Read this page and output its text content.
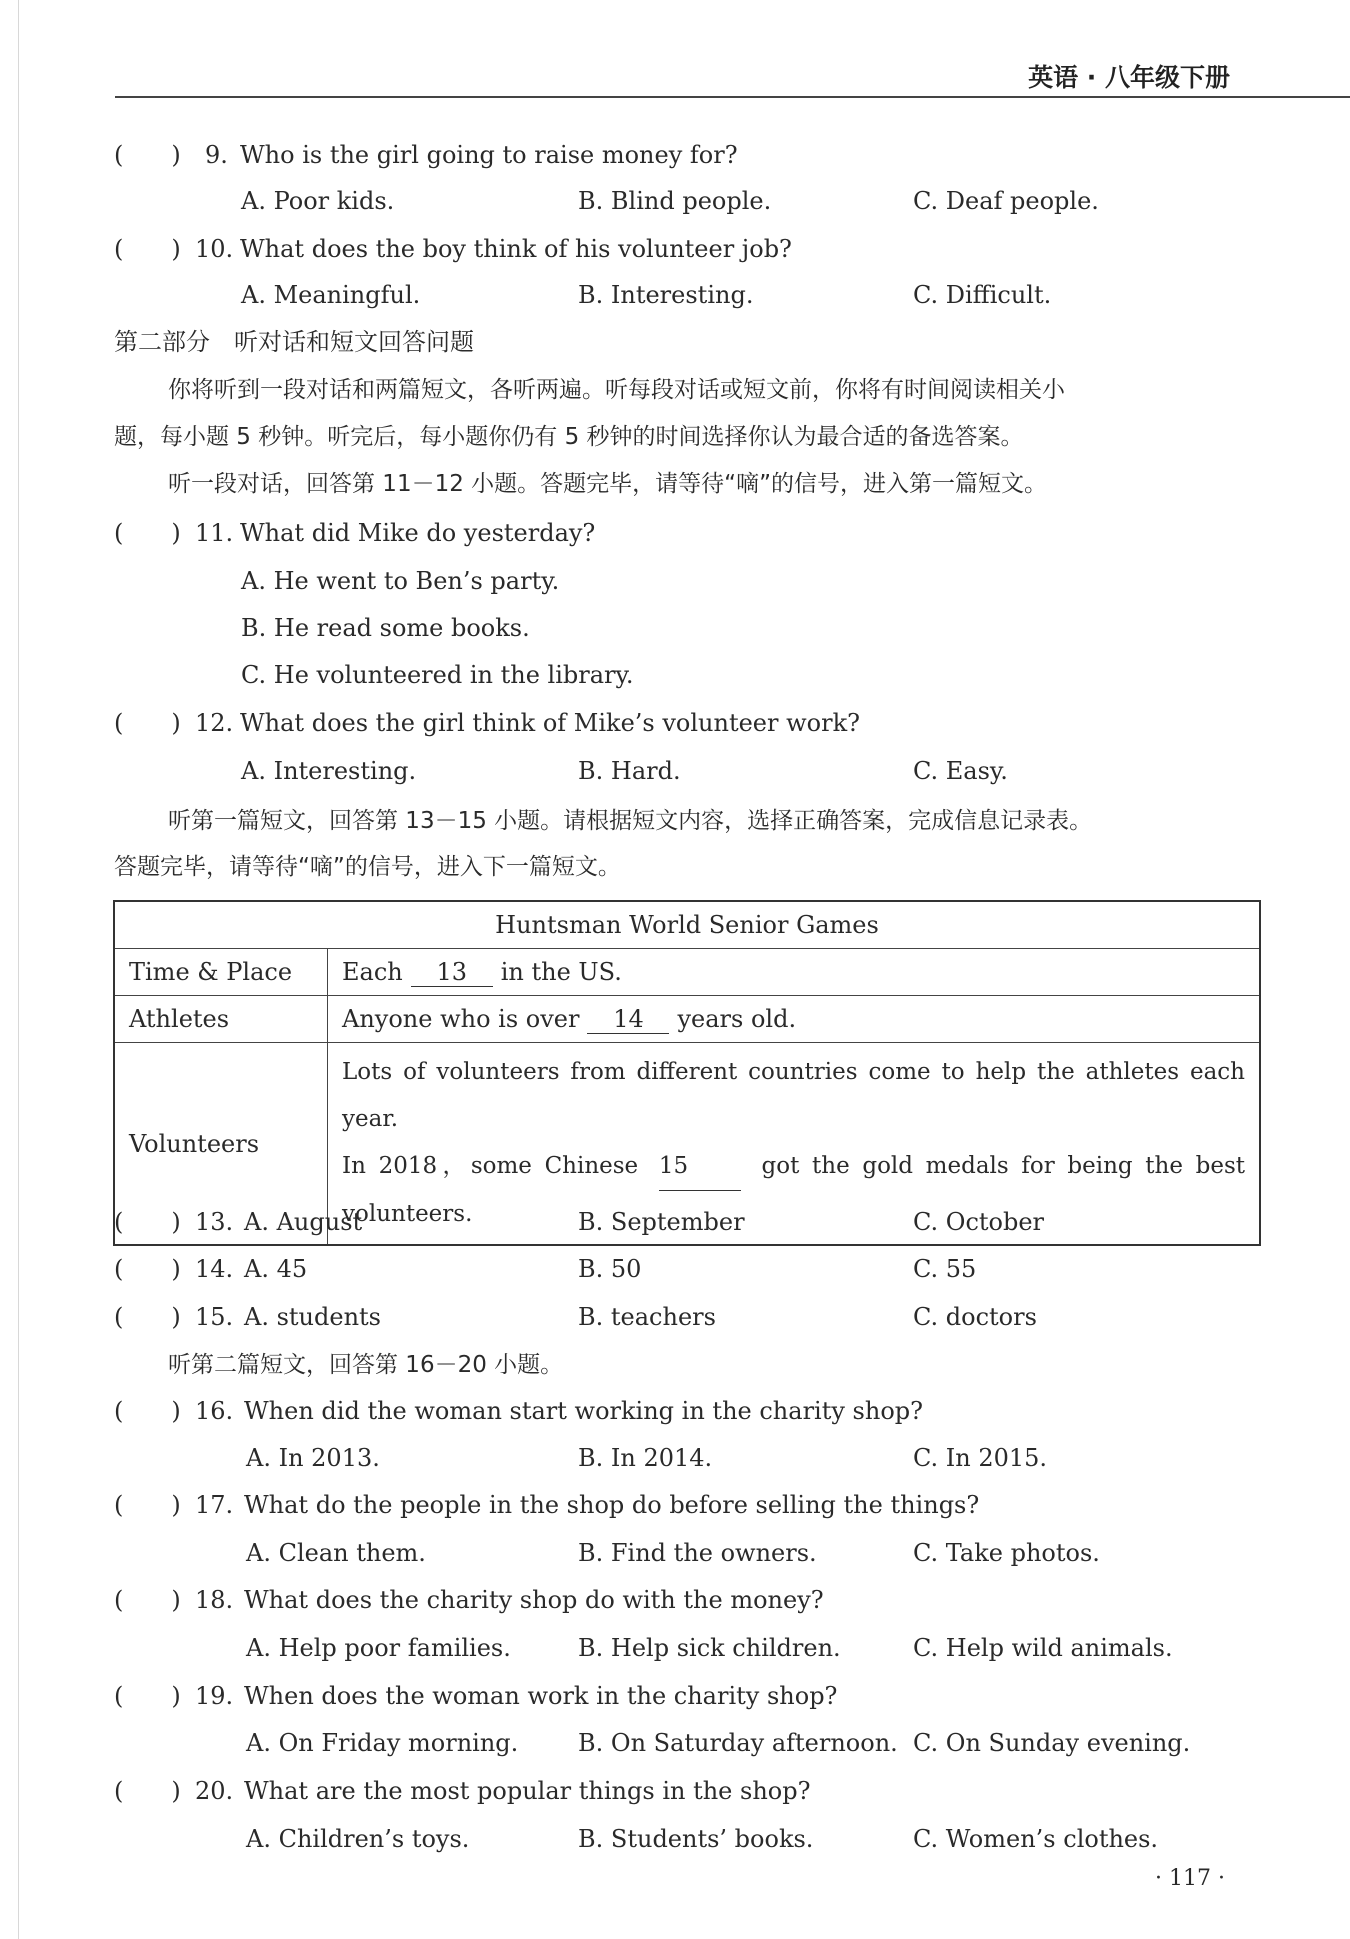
英语 · 八年级下册
(　　) 9. Who is the girl going to raise money for?
A. Poor kids.	B. Blind people.	C. Deaf people.
(　　) 10. What does the boy think of his volunteer job?
A. Meaningful.	B. Interesting.	C. Difficult.
第二部分　听对话和短文回答问题
你将听到一段对话和两篇短文，各听两遍。听每段对话或短文前，你将有时间阅读相关小
题，每小题 5 秒钟。听完后，每小题你仍有 5 秒钟的时间选择你认为最合适的备选答案。
听一段对话，回答第 11－12 小题。答题完毕，请等待“嘀”的信号，进入第一篇短文。
(　　) 11. What did Mike do yesterday?
A. He went to Ben’s party.
B. He read some books.
C. He volunteered in the library.
(　　) 12. What does the girl think of Mike’s volunteer work?
A. Interesting.	B. Hard.	C. Easy.
听第一篇短文，回答第 13－15 小题。请根据短文内容，选择正确答案，完成信息记录表。
答题完毕，请等待“嘀”的信号，进入下一篇短文。
Huntsman World Senior Games	
Time & Place	Each 13 in the US.
Athletes	Anyone who is over 14 years old.
Volunteers	Lots of volunteers from different countries come to help the athletes each year.
In 2018，some Chinese 15 got the gold medals for being the best
volunteers.
(　　) 13. A. August	B. September	C. October
(　　) 14. A. 45	B. 50	C. 55
(　　) 15. A. students	B. teachers	C. doctors
听第二篇短文，回答第 16－20 小题。
(　　) 16. When did the woman start working in the charity shop?
A. In 2013.	B. In 2014.	C. In 2015.
(　　) 17. What do the people in the shop do before selling the things?
A. Clean them.	B. Find the owners.	C. Take photos.
(　　) 18. What does the charity shop do with the money?
A. Help poor families.	B. Help sick children.	C. Help wild animals.
(　　) 19. When does the woman work in the charity shop?
A. On Friday morning. B. On Saturday afternoon. C. On Sunday evening.
(　　) 20. What are the most popular things in the shop?
A. Children’s toys.	B. Students’ books.	C. Women’s clothes.
· 117 ·
